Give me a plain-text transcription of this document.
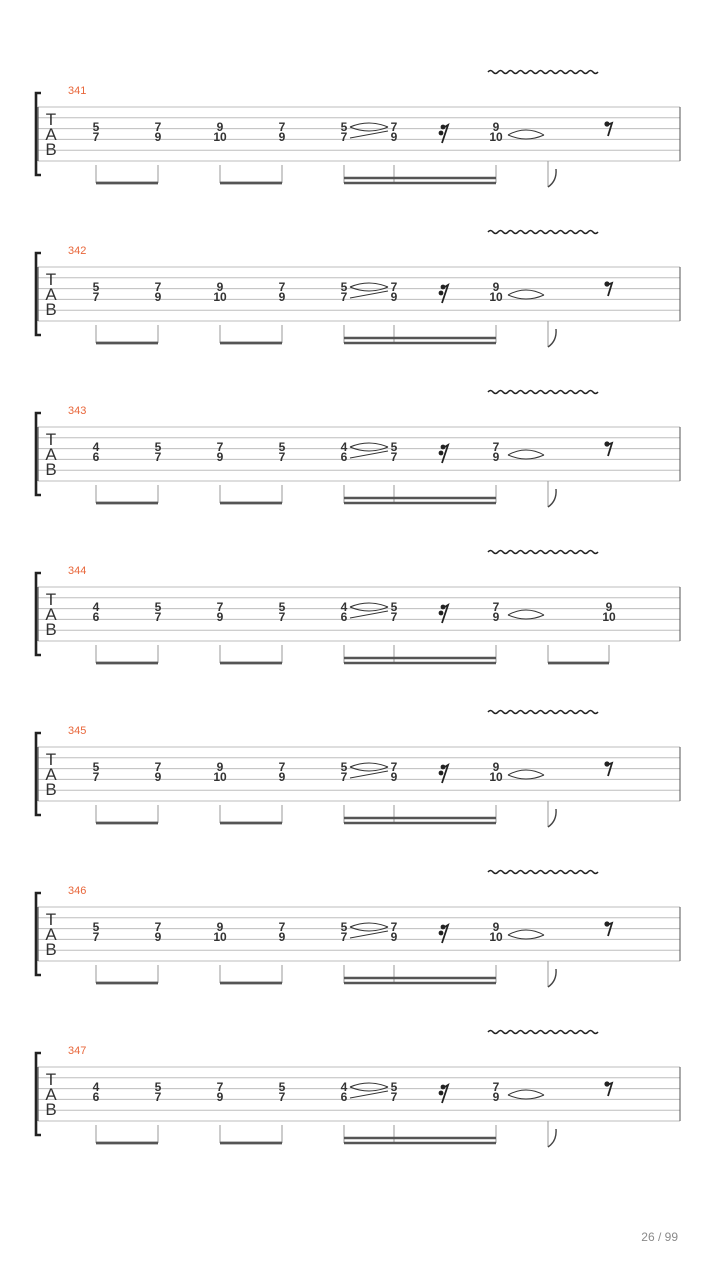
341
T
A
B
5
7
7
9
9
10
7
9
5
7
7
9
9
10
342
T
A
B
5
7
7
9
9
10
7
9
5
7
7
9
9
10
343
T
A
B
4
6
5
7
7
9
5
7
4
6
5
7
7
9
344
T
A
B
4
6
5
7
7
9
5
7
4
6
5
7
7
9
9
10
345
T
A
B
5
7
7
9
9
10
7
9
5
7
7
9
9
10
346
T
A
B
5
7
7
9
9
10
7
9
5
7
7
9
9
10
347
T
A
B
4
6
5
7
7
9
5
7
4
6
5
7
7
9
26 / 99
